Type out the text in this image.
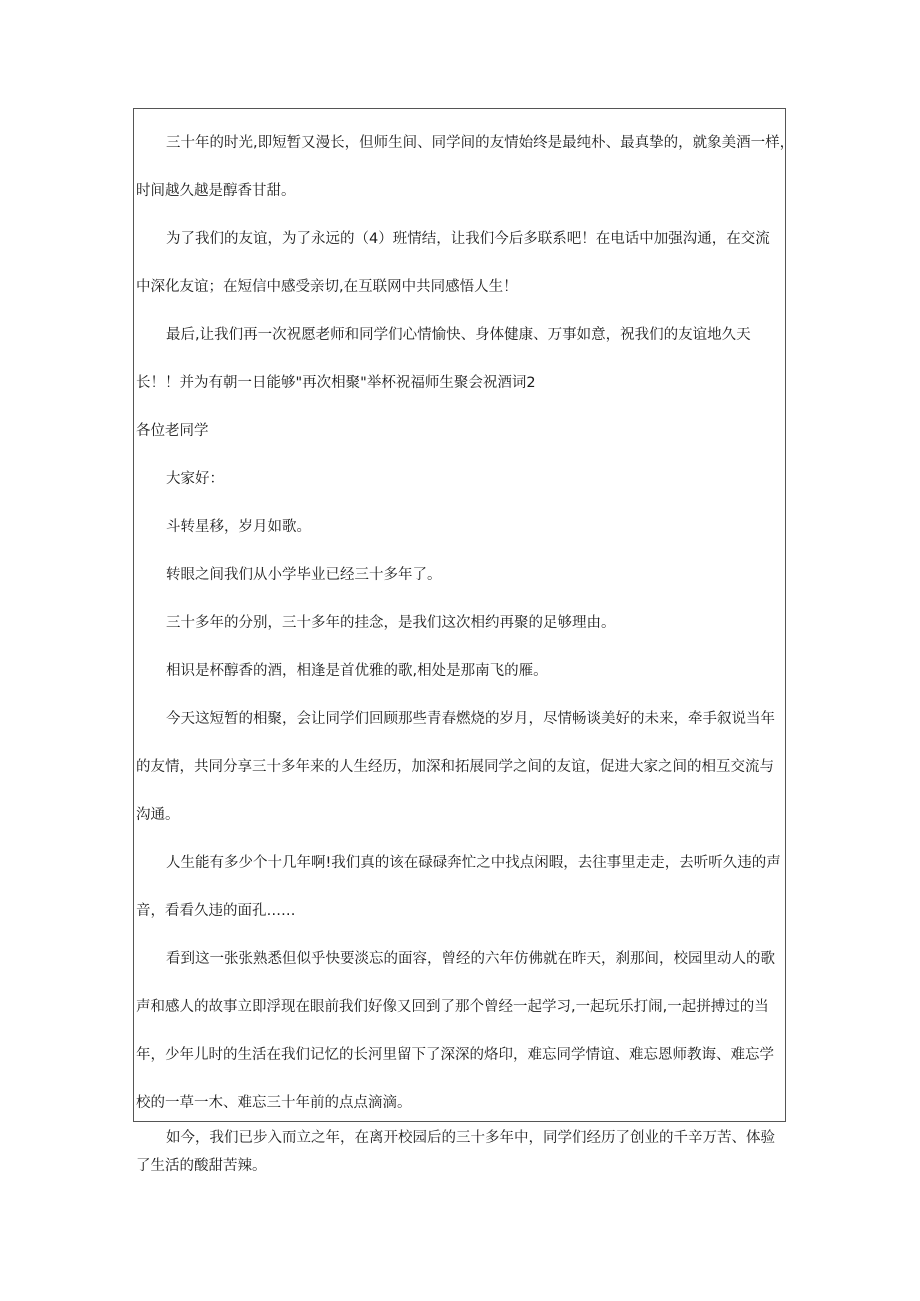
三十年的时光,即短暂又漫长，但师生间、同学间的友情始终是最纯朴、最真挚的，就象美酒一样，
时间越久越是醇香甘甜。
为了我们的友谊，为了永远的（4）班情结，让我们今后多联系吧！在电话中加强沟通，在交流
中深化友谊；在短信中感受亲切,在互联网中共同感悟人生！
最后,让我们再一次祝愿老师和同学们心情愉快、身体健康、万事如意，祝我们的友谊地久天
长！！并为有朝一日能够"再次相聚"举杯祝福师生聚会祝酒词2
各位老同学
大家好：
斗转星移，岁月如歌。
转眼之间我们从小学毕业已经三十多年了。
三十多年的分别，三十多年的挂念，是我们这次相约再聚的足够理由。
相识是杯醇香的酒，相逢是首优雅的歌,相处是那南飞的雁。
今天这短暂的相聚，会让同学们回顾那些青春燃烧的岁月，尽情畅谈美好的未来，牵手叙说当年
的友情，共同分享三十多年来的人生经历，加深和拓展同学之间的友谊，促进大家之间的相互交流与
沟通。
人生能有多少个十几年啊!我们真的该在碌碌奔忙之中找点闲暇，去往事里走走，去听听久违的声
音，看看久违的面孔……
看到这一张张熟悉但似乎快要淡忘的面容，曾经的六年仿佛就在昨天，刹那间，校园里动人的歌
声和感人的故事立即浮现在眼前我们好像又回到了那个曾经一起学习,一起玩乐打闹,一起拼搏过的当
年，少年儿时的生活在我们记忆的长河里留下了深深的烙印，难忘同学情谊、难忘恩师教诲、难忘学
校的一草一木、难忘三十年前的点点滴滴。
如今，我们已步入而立之年，在离开校园后的三十多年中，同学们经历了创业的千辛万苦、体验
了生活的酸甜苦辣。
